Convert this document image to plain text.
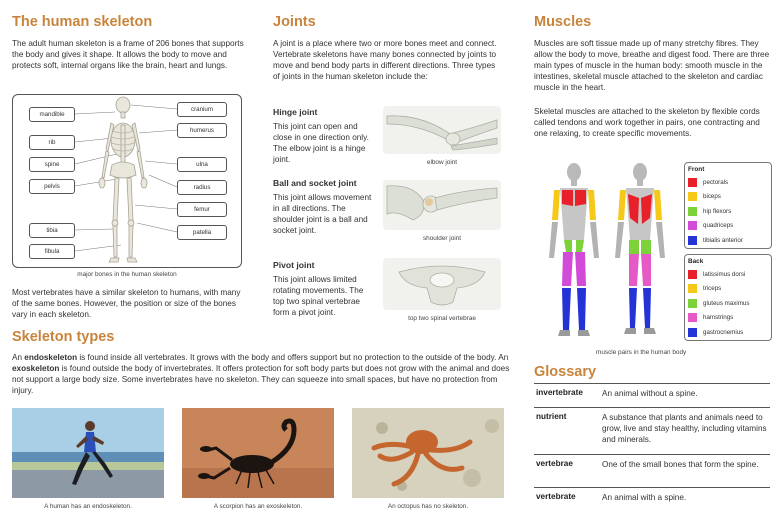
The human skeleton
The adult human skeleton is a frame of 206 bones that supports the body and gives it shape. It allows the body to move and protects soft, internal organs like the brain, heart and lungs.
mandible
rib
spine
pelvis
tibia
fibula
cranium
humerus
ulna
radius
femur
patella
major bones in the human skeleton
Most vertebrates have a similar skeleton to humans, with many of the same bones. However, the position or size of the bones vary in each skeleton.
Skeleton types
An endoskeleton is found inside all vertebrates. It grows with the body and offers support but no protection to the outside of the body. An exoskeleton is found outside the body of invertebrates. It offers protection for soft body parts but does not grow with the animal and does not support a large body size. Some invertebrates have no skeleton. They can squeeze into small spaces, but have no protection from injury.
A human has an endoskeleton.	A scorpion has an exoskeleton.	An octopus has no skeleton.
Joints
A joint is a place where two or more bones meet and connect. Vertebrate skeletons have many bones connected by joints to move and bend body parts in different directions. Three types of joints in the human skeleton include the:
Hinge joint
This joint can open and close in one direction only. The elbow joint is a hinge joint.	elbow joint
Ball and socket joint
This joint allows movement in all directions. The shoulder joint is a ball and socket joint.
shoulder joint
Pivot joint
This joint allows limited rotating movements. The top two spinal vertebrae form a pivot joint.
top two spinal vertebrae
Muscles
Muscles are soft tissue made up of many stretchy fibres. They allow the body to move, breathe and digest food. There are three main types of muscle in the human body: smooth muscle in the intestines, skeletal muscle attached to the skeleton and cardiac muscle in the heart.
Skeletal muscles are attached to the skeleton by flexible cords called tendons and work together in pairs, one contracting and one relaxing, to create specific movements.
Front
pectorals
biceps
hip flexors
quadriceps
tibialis anterior
Back
latissimus dorsi
triceps
gluteus maximus
hamstrings
gastrocnemius
muscle pairs in the human body
Glossary
invertebrate	An animal without a spine.
nutrient	A substance that plants and animals need to grow, live and stay healthy, including vitamins and minerals.
vertebrae	One of the small bones that form the spine.
vertebrate	An animal with a spine.
